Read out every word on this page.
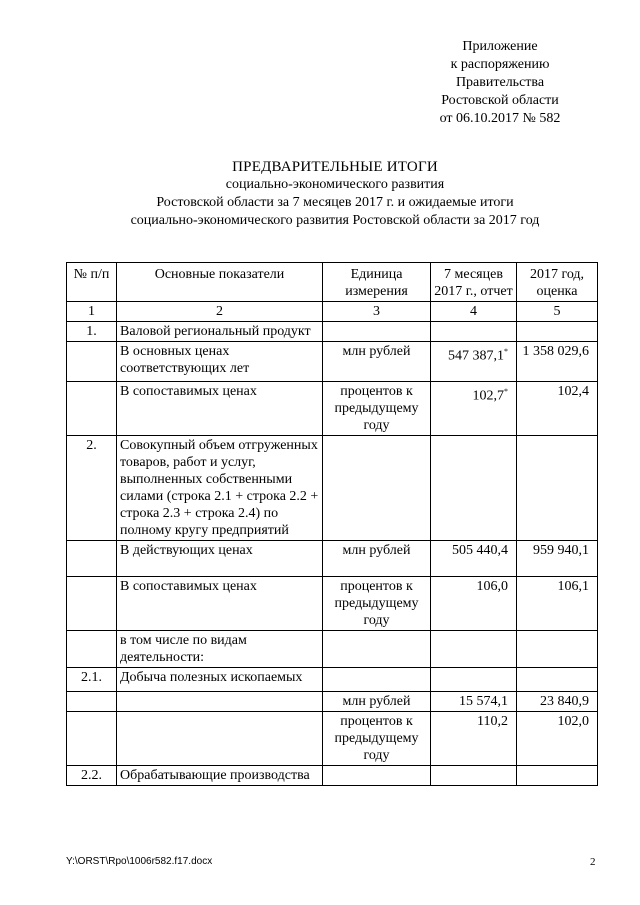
Приложение
к распоряжению
Правительства
Ростовской области
от 06.10.2017 № 582
ПРЕДВАРИТЕЛЬНЫЕ ИТОГИ
социально-экономического развития
Ростовской области за 7 месяцев 2017 г. и ожидаемые итоги
социально-экономического развития Ростовской области за 2017 год
№ п/п	Основные показатели	Единица измерения	7 месяцев 2017 г., отчет	2017 год, оценка
1	2	3	4	5
1.	Валовой региональный продукт			
	В основных ценах соответствующих лет	млн рублей	547 387,1*	1 358 029,6
	В сопоставимых ценах	процентов к предыдущему году	102,7*	102,4
2.	Совокупный объем отгруженных товаров, работ и услуг, выполненных собственными силами (строка 2.1 + строка 2.2 + строка 2.3 + строка 2.4) по полному кругу предприятий			
	В действующих ценах	млн рублей	505 440,4	959 940,1
	В сопоставимых ценах	процентов к предыдущему году	106,0	106,1
	в том числе по видам деятельности:			
2.1.	Добыча полезных ископаемых			
		млн рублей	15 574,1	23 840,9
		процентов к предыдущему году	110,2	102,0
2.2.	Обрабатывающие производства			
Y:\ORST\Rpo\1006r582.f17.docx	2
